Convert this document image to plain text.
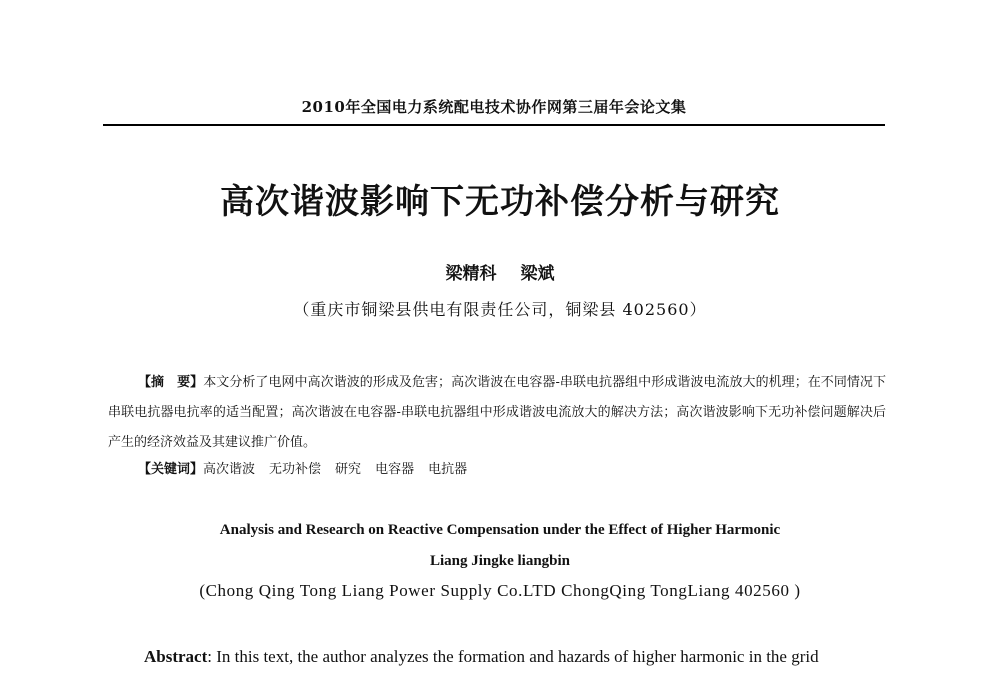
2010年全国电力系统配电技术协作网第三届年会论文集
高次谐波影响下无功补偿分析与研究
梁精科 梁斌
（重庆市铜梁县供电有限责任公司，铜梁县 402560）
【摘　要】本文分析了电网中高次谐波的形成及危害；高次谐波在电容器-串联电抗器组中形成谐波电流放大的机理；在不同情况下串联电抗器电抗率的适当配置；高次谐波在电容器-串联电抗器组中形成谐波电流放大的解决方法；高次谐波影响下无功补偿问题解决后产生的经济效益及其建议推广价值。
【关键词】高次谐波 无功补偿 研究 电容器 电抗器
Analysis and Research on Reactive Compensation under the Effect of Higher Harmonic
Liang Jingke liangbin
(Chong Qing Tong Liang Power Supply Co.LTD ChongQing TongLiang 402560 )
Abstract: In this text, the author analyzes the formation and hazards of higher harmonic in the grid
